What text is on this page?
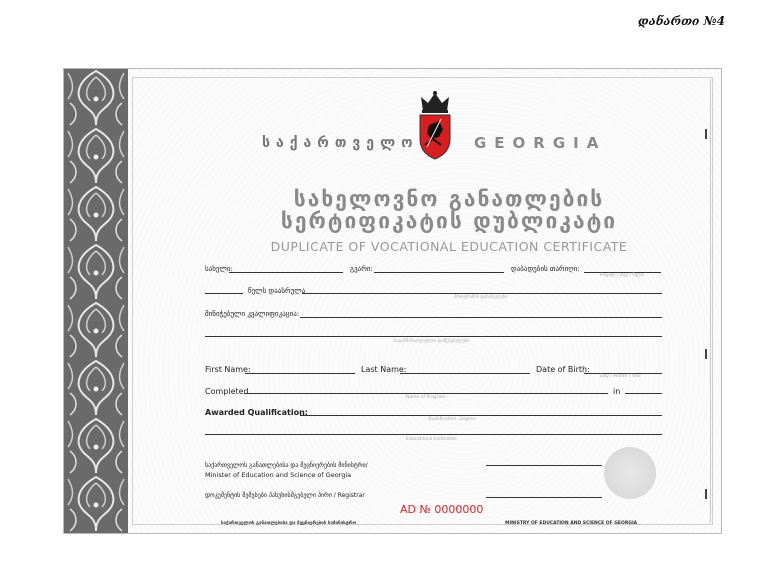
დანართი №4
საქართველო	GEORGIA
სახელოვნო განათლების
სერტიფიკატის დუბლიკატი
DUPLICATE OF VOCATIONAL EDUCATION CERTIFICATE
სახელი:	გვარი:	დაბადების თარიღი:
რიცხვი / თვე / წელი
წელს დაასრულა
პროგრამის დასახელება
მინიჭებული კვალიფიკაცია:
საგანმანათლებლო დაწესებულება
First Name:	Last Name:	Date of Birth:
Day / Month / Year
Completed	in
Name of Program
Awarded Qualification:
Qualification, Degree
Educational Institution
საქართველოს განათლებისა და მეცნიერების მინისტრი/
Minister of Education and Science of Georgia
დოკუმენტის შემვსები პასუხისმგებელი პირი / Registrar
AD № 0000000
საქართველოს განათლებისა და მეცნიერების სამინისტრო	MINISTRY OF EDUCATION AND SCIENCE OF GEORGIA
